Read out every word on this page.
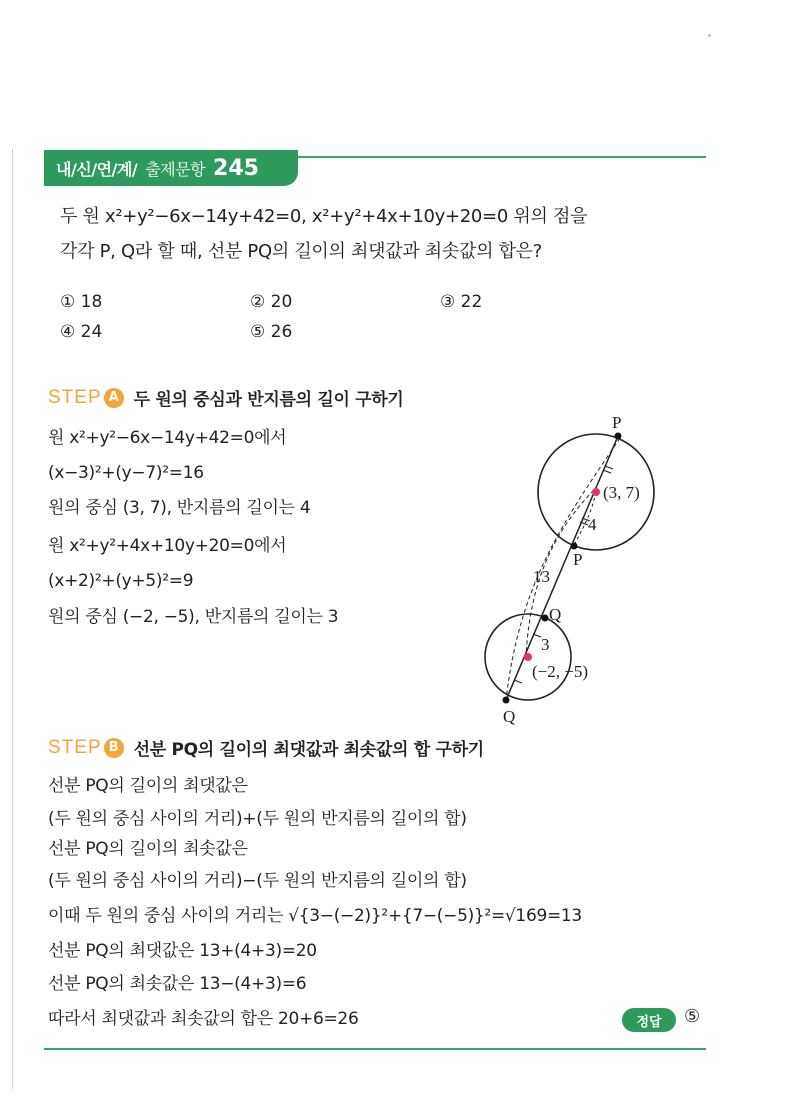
내/신/연/계/ 출제문항 245
두 원 x²+y²−6x−14y+42=0, x²+y²+4x+10y+20=0 위의 점을
각각 P, Q라 할 때, 선분 PQ의 길이의 최댓값과 최솟값의 합은?
① 18	② 20	③ 22
④ 24	⑤ 26
STEP A 두 원의 중심과 반지름의 길이 구하기
원 x²+y²−6x−14y+42=0에서
(x−3)²+(y−7)²=16
원의 중심 (3, 7), 반지름의 길이는 4
원 x²+y²+4x+10y+20=0에서
(x+2)²+(y+5)²=9
원의 중심 (−2, −5), 반지름의 길이는 3
P
(3, 7)
4
P
13
Q
3
(−2, −5)
Q
STEP B 선분 PQ의 길이의 최댓값과 최솟값의 합 구하기
선분 PQ의 길이의 최댓값은
(두 원의 중심 사이의 거리)+(두 원의 반지름의 길이의 합)
선분 PQ의 길이의 최솟값은
(두 원의 중심 사이의 거리)−(두 원의 반지름의 길이의 합)
이때 두 원의 중심 사이의 거리는 √{3−(−2)}²+{7−(−5)}²=√169=13
선분 PQ의 최댓값은 13+(4+3)=20
선분 PQ의 최솟값은 13−(4+3)=6
따라서 최댓값과 최솟값의 합은 20+6=26	정답	⑤
